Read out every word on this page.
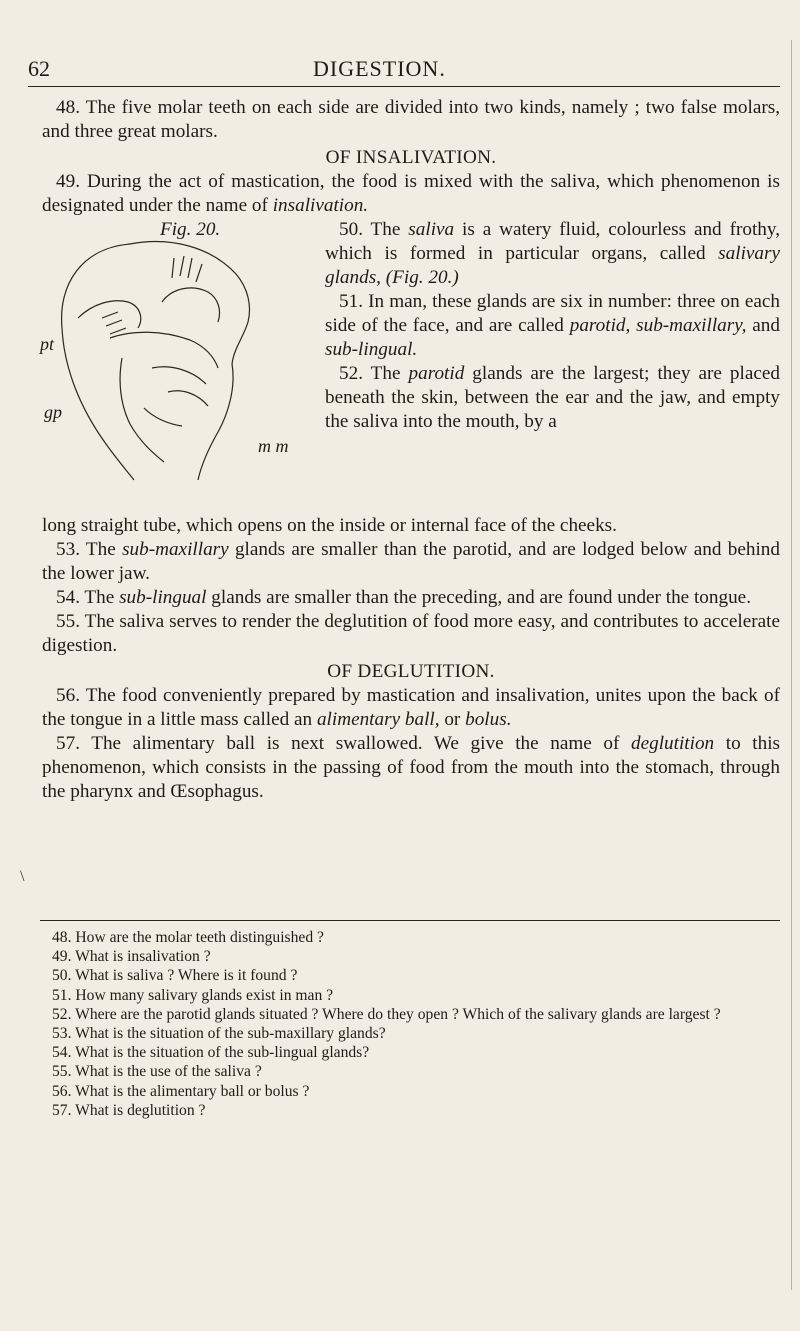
62	DIGESTION.

48. The five molar teeth on each side are divided into two kinds, namely ; two false molars, and three great molars.

OF INSALIVATION.

49. During the act of mastication, the food is mixed with the saliva, which phenomenon is designated under the name of insalivation.

pt
gp
m m
Fig. 20.	50. The saliva is a watery fluid, colourless and frothy, which is formed in particular organs, called salivary glands, (Fig. 20.)

51. In man, these glands are six in number: three on each side of the face, and are called parotid, sub-maxillary, and sub-lingual.

52. The parotid glands are the largest; they are placed beneath the skin, between the ear and the jaw, and empty the saliva into the mouth, by a

long straight tube, which opens on the inside or internal face of the cheeks.

53. The sub-maxillary glands are smaller than the parotid, and are lodged below and behind the lower jaw.

54. The sub-lingual glands are smaller than the preceding, and are found under the tongue.

55. The saliva serves to render the deglutition of food more easy, and contributes to accelerate digestion.

OF DEGLUTITION.

56. The food conveniently prepared by mastication and insalivation, unites upon the back of the tongue in a little mass called an alimentary ball, or bolus.

57. The alimentary ball is next swallowed. We give the name of deglutition to this phenomenon, which consists in the passing of food from the mouth into the stomach, through the pharynx and Œsophagus.

\

48. How are the molar teeth distinguished ?

49. What is insalivation ?

50. What is saliva ? Where is it found ?

51. How many salivary glands exist in man ?

52. Where are the parotid glands situated ? Where do they open ? Which of the salivary glands are largest ?

53. What is the situation of the sub-maxillary glands?

54. What is the situation of the sub-lingual glands?

55. What is the use of the saliva ?

56. What is the alimentary ball or bolus ?

57. What is deglutition ?
